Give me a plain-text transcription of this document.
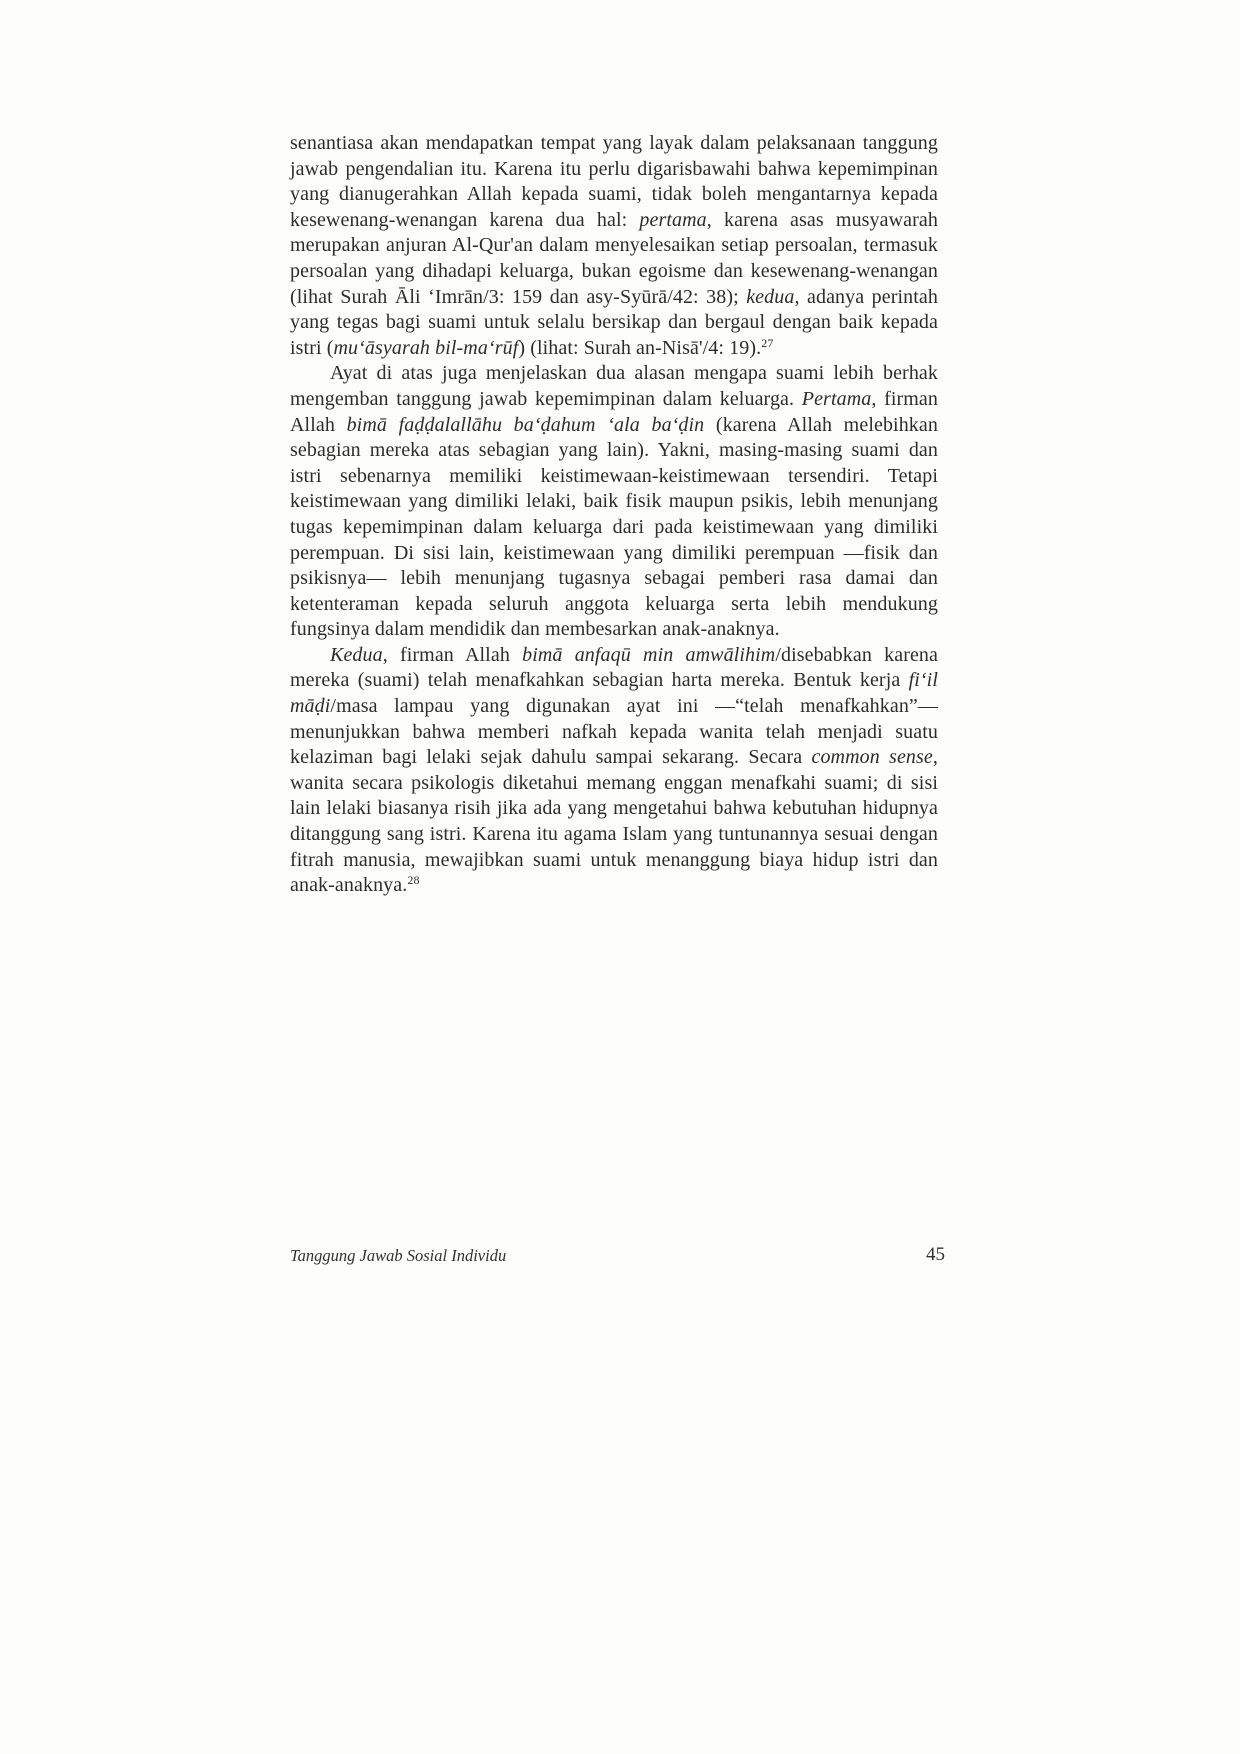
senantiasa akan mendapatkan tempat yang layak dalam pelaksanaan tanggung jawab pengendalian itu. Karena itu perlu digarisbawahi bahwa kepemimpinan yang dianugerahkan Allah kepada suami, tidak boleh mengantarnya kepada kesewenang-wenangan karena dua hal: pertama, karena asas musyawarah merupakan anjuran Al-Qur'an dalam menyelesaikan setiap persoalan, termasuk persoalan yang dihadapi keluarga, bukan egoisme dan kesewenang-wenangan (lihat Surah Āli ‘Imrān/3: 159 dan asy-Syūrā/42: 38); kedua, adanya perintah yang tegas bagi suami untuk selalu bersikap dan bergaul dengan baik kepada istri (mu‘āsyarah bil-ma‘rūf) (lihat: Surah an-Nisā'/4: 19).$^{27}$

Ayat di atas juga menjelaskan dua alasan mengapa suami lebih berhak mengemban tanggung jawab kepemimpinan dalam keluarga. Pertama, firman Allah bimā faḍḍalallāhu ba‘ḍahum ‘ala ba‘ḍin (karena Allah melebihkan sebagian mereka atas sebagian yang lain). Yakni, masing-masing suami dan istri sebenarnya memiliki keistimewaan-keistimewaan tersendiri. Tetapi keistimewaan yang dimiliki lelaki, baik fisik maupun psikis, lebih menunjang tugas kepemimpinan dalam keluarga dari pada keistimewaan yang dimiliki perempuan. Di sisi lain, keistimewaan yang dimiliki perempuan —fisik dan psikisnya— lebih menunjang tugasnya sebagai pemberi rasa damai dan ketenteraman kepada seluruh anggota keluarga serta lebih mendukung fungsinya dalam mendidik dan membesarkan anak-anaknya.

Kedua, firman Allah bimā anfaqū min amwālihim/disebabkan karena mereka (suami) telah menafkahkan sebagian harta mereka. Bentuk kerja fi‘il māḍi/masa lampau yang digunakan ayat ini —“telah menafkahkan”— menunjukkan bahwa memberi nafkah kepada wanita telah menjadi suatu kelaziman bagi lelaki sejak dahulu sampai sekarang. Secara common sense, wanita secara psikologis diketahui memang enggan menafkahi suami; di sisi lain lelaki biasanya risih jika ada yang mengetahui bahwa kebutuhan hidupnya ditanggung sang istri. Karena itu agama Islam yang tuntunannya sesuai dengan fitrah manusia, mewajibkan suami untuk menanggung biaya hidup istri dan anak-anaknya.$^{28}$

Tanggung Jawab Sosial Individu	45
